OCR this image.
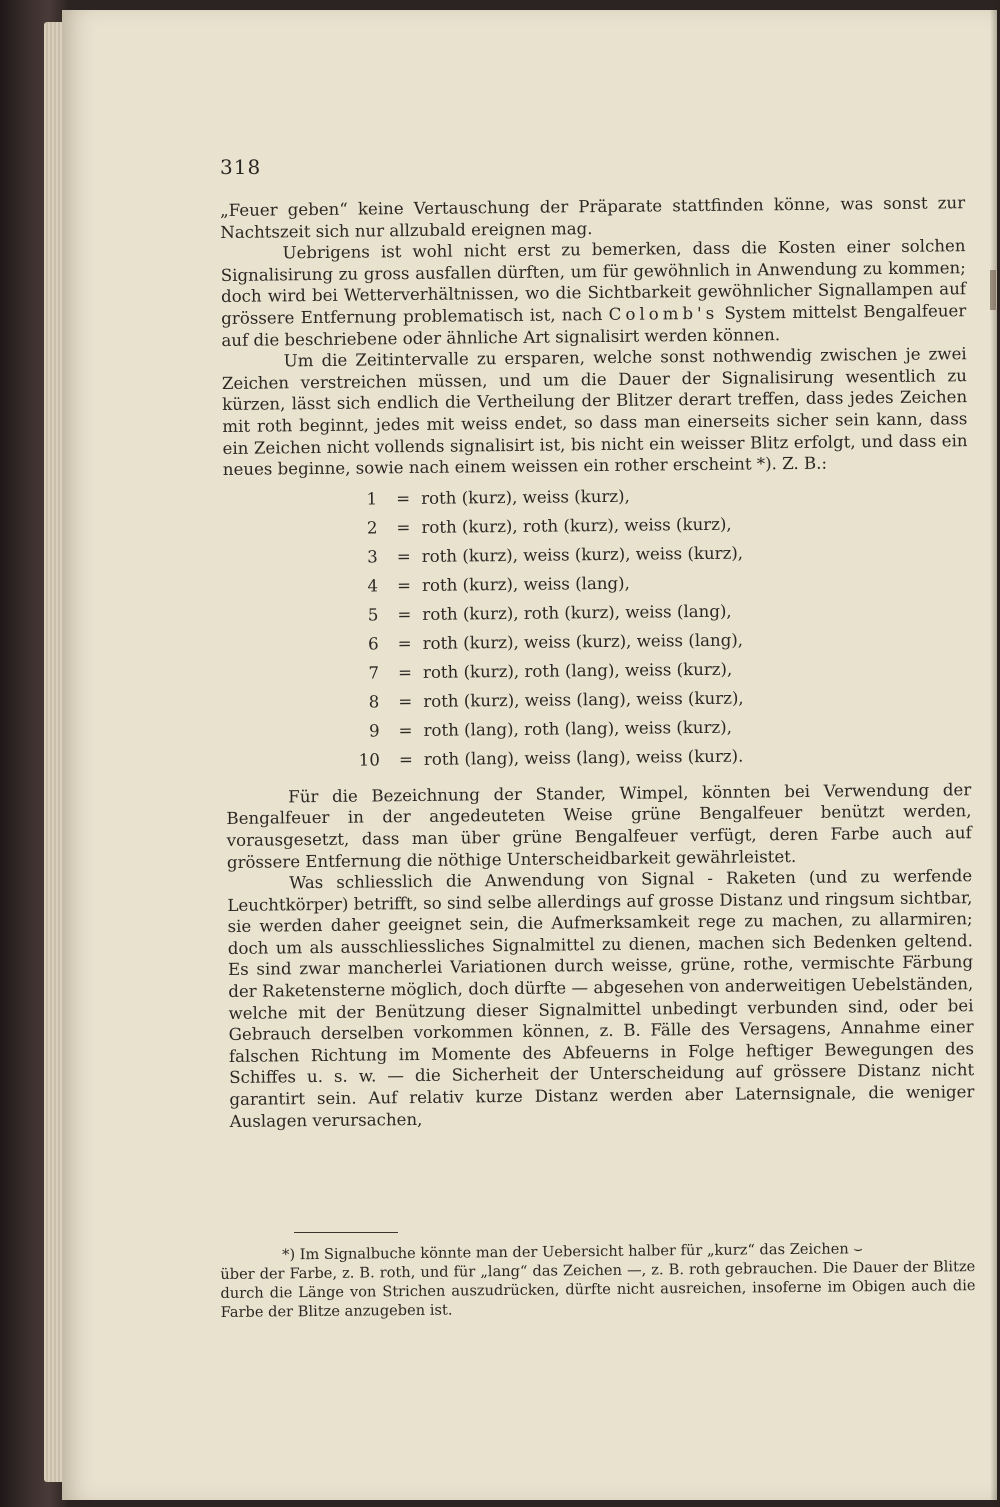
318

„Feuer geben“ keine Vertauschung der Präparate stattfinden könne, was sonst zur Nachtszeit sich nur allzubald ereignen mag.

Uebrigens ist wohl nicht erst zu bemerken, dass die Kosten einer solchen Signalisirung zu gross ausfallen dürften, um für gewöhnlich in Anwendung zu kommen; doch wird bei Wetterverhältnissen, wo die Sichtbarkeit gewöhnlicher Signallampen auf grössere Entfernung problematisch ist, nach Colomb's System mittelst Bengalfeuer auf die beschriebene oder ähnliche Art signalisirt werden können.

Um die Zeitintervalle zu ersparen, welche sonst nothwendig zwischen je zwei Zeichen verstreichen müssen, und um die Dauer der Signalisirung wesentlich zu kürzen, lässt sich endlich die Vertheilung der Blitzer derart treffen, dass jedes Zeichen mit roth beginnt, jedes mit weiss endet, so dass man einerseits sicher sein kann, dass ein Zeichen nicht vollends signalisirt ist, bis nicht ein weisser Blitz erfolgt, und dass ein neues beginne, sowie nach einem weissen ein rother erscheint *). Z. B.:

1	=	roth (kurz), weiss (kurz),
2	=	roth (kurz), roth (kurz), weiss (kurz),
3	=	roth (kurz), weiss (kurz), weiss (kurz),
4	=	roth (kurz), weiss (lang),
5	=	roth (kurz), roth (kurz), weiss (lang),
6	=	roth (kurz), weiss (kurz), weiss (lang),
7	=	roth (kurz), roth (lang), weiss (kurz),
8	=	roth (kurz), weiss (lang), weiss (kurz),
9	=	roth (lang), roth (lang), weiss (kurz),
10	=	roth (lang), weiss (lang), weiss (kurz).

Für die Bezeichnung der Stander, Wimpel, könnten bei Verwendung der Bengalfeuer in der angedeuteten Weise grüne Bengalfeuer benützt werden, vorausgesetzt, dass man über grüne Bengalfeuer verfügt, deren Farbe auch auf grössere Entfernung die nöthige Unterscheidbarkeit gewährleistet.

Was schliesslich die Anwendung von Signal - Raketen (und zu werfende Leuchtkörper) betrifft, so sind selbe allerdings auf grosse Distanz und ringsum sichtbar, sie werden daher geeignet sein, die Aufmerksamkeit rege zu machen, zu allarmiren; doch um als ausschliessliches Signalmittel zu dienen, machen sich Bedenken geltend. Es sind zwar mancherlei Variationen durch weisse, grüne, rothe, vermischte Färbung der Raketensterne möglich, doch dürfte — abgesehen von anderweitigen Uebelständen, welche mit der Benützung dieser Signalmittel unbedingt verbunden sind, oder bei Gebrauch derselben vorkommen können, z. B. Fälle des Versagens, Annahme einer falschen Richtung im Momente des Abfeuerns in Folge heftiger Bewegungen des Schiffes u. s. w. — die Sicherheit der Unterscheidung auf grössere Distanz nicht garantirt sein. Auf relativ kurze Distanz werden aber Laternsignale, die weniger Auslagen verursachen,

*) Im Signalbuche könnte man der Uebersicht halber für „kurz“ das Zeichen ⌣

über der Farbe, z. B. roth, und für „lang“ das Zeichen —, z. B. roth gebrauchen. Die Dauer der Blitze durch die Länge von Strichen auszudrücken, dürfte nicht ausreichen, insoferne im Obigen auch die Farbe der Blitze anzugeben ist.
